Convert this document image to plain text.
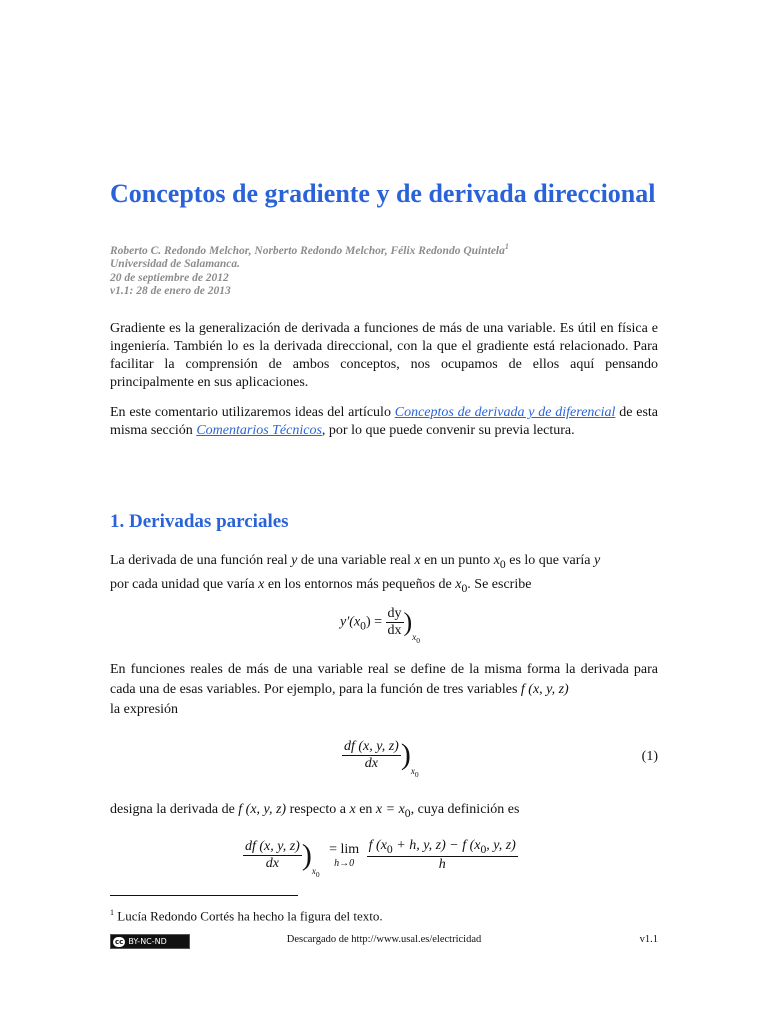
Conceptos de gradiente y de derivada direccional
Roberto C. Redondo Melchor, Norberto Redondo Melchor, Félix Redondo Quintela$^1$
Universidad de Salamanca.
20 de septiembre de 2012
v1.1: 28 de enero de 2013

Gradiente es la generalización de derivada a funciones de más de una variable. Es útil en física e ingeniería. También lo es la derivada direccional, con la que el gradiente está relacionado. Para facilitar la comprensión de ambos conceptos, nos ocupamos de ellos aquí pensando principalmente en sus aplicaciones.

En este comentario utilizaremos ideas del artículo Conceptos de derivada y de diferencial de esta misma sección Comentarios Técnicos, por lo que puede convenir su previa lectura.

1. Derivadas parciales

La derivada de una función real y de una variable real x en un punto $x_0$ es lo que varía y
por cada unidad que varía x en los entornos más pequeños de $x_0$. Se escribe

$y'(x_0) = \frac{dy}{dx} )_{x_0}$

En funciones reales de más de una variable real se define de la misma forma la derivada para cada una de esas variables. Por ejemplo, para la función de tres variables f (x, y, z)
la expresión

$\frac{df (x, y, z)}{dx} )_{x_0}$
(1)

designa la derivada de f (x, y, z) respecto a x en $x = x_0$, cuya definición es

$\frac{df (x, y, z)}{dx} )_{x_0}$
= lim
h→0
$\frac{f (x_0 + h, y, z) - f (x_0, y, z)}{h}$
$^1$ Lucía Redondo Cortés ha hecho la figura del texto.
cc BY-NC-ND	Descargado de http://www.usal.es/electricidad	v1.1
